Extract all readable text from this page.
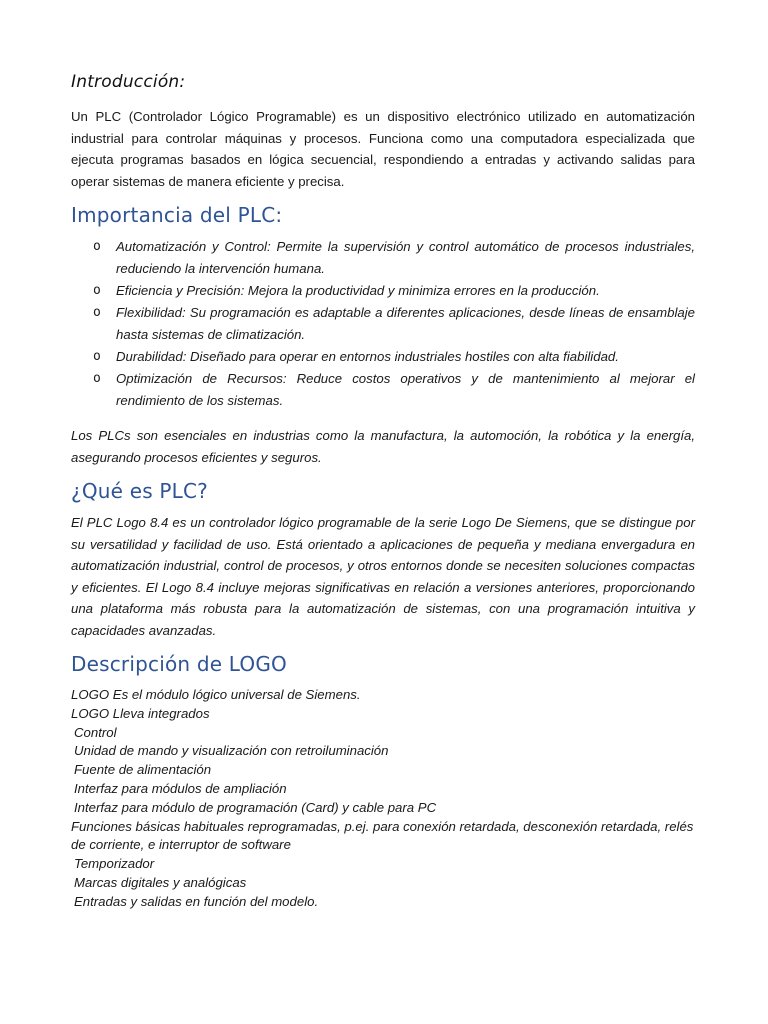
Introducción:

Un PLC (Controlador Lógico Programable) es un dispositivo electrónico utilizado en automatización industrial para controlar máquinas y procesos. Funciona como una computadora especializada que ejecuta programas basados en lógica secuencial, respondiendo a entradas y activando salidas para operar sistemas de manera eficiente y precisa.

Importancia del PLC:
o Automatización y Control: Permite la supervisión y control automático de procesos industriales, reduciendo la intervención humana.
o Eficiencia y Precisión: Mejora la productividad y minimiza errores en la producción.
o Flexibilidad: Su programación es adaptable a diferentes aplicaciones, desde líneas de ensamblaje hasta sistemas de climatización.
o Durabilidad: Diseñado para operar en entornos industriales hostiles con alta fiabilidad.
o Optimización de Recursos: Reduce costos operativos y de mantenimiento al mejorar el rendimiento de los sistemas.

Los PLCs son esenciales en industrias como la manufactura, la automoción, la robótica y la energía, asegurando procesos eficientes y seguros.

¿Qué es PLC?

El PLC Logo 8.4 es un controlador lógico programable de la serie Logo De Siemens, que se distingue por su versatilidad y facilidad de uso. Está orientado a aplicaciones de pequeña y mediana envergadura en automatización industrial, control de procesos, y otros entornos donde se necesiten soluciones compactas y eficientes. El Logo 8.4 incluye mejoras significativas en relación a versiones anteriores, proporcionando una plataforma más robusta para la automatización de sistemas, con una programación intuitiva y capacidades avanzadas.

Descripción de LOGO
LOGO Es el módulo lógico universal de Siemens.
LOGO Lleva integrados
Control
Unidad de mando y visualización con retroiluminación
Fuente de alimentación
Interfaz para módulos de ampliación
Interfaz para módulo de programación (Card) y cable para PC
Funciones básicas habituales reprogramadas, p.ej. para conexión retardada, desconexión retardada, relés de corriente, e interruptor de software
Temporizador
Marcas digitales y analógicas
Entradas y salidas en función del modelo.
